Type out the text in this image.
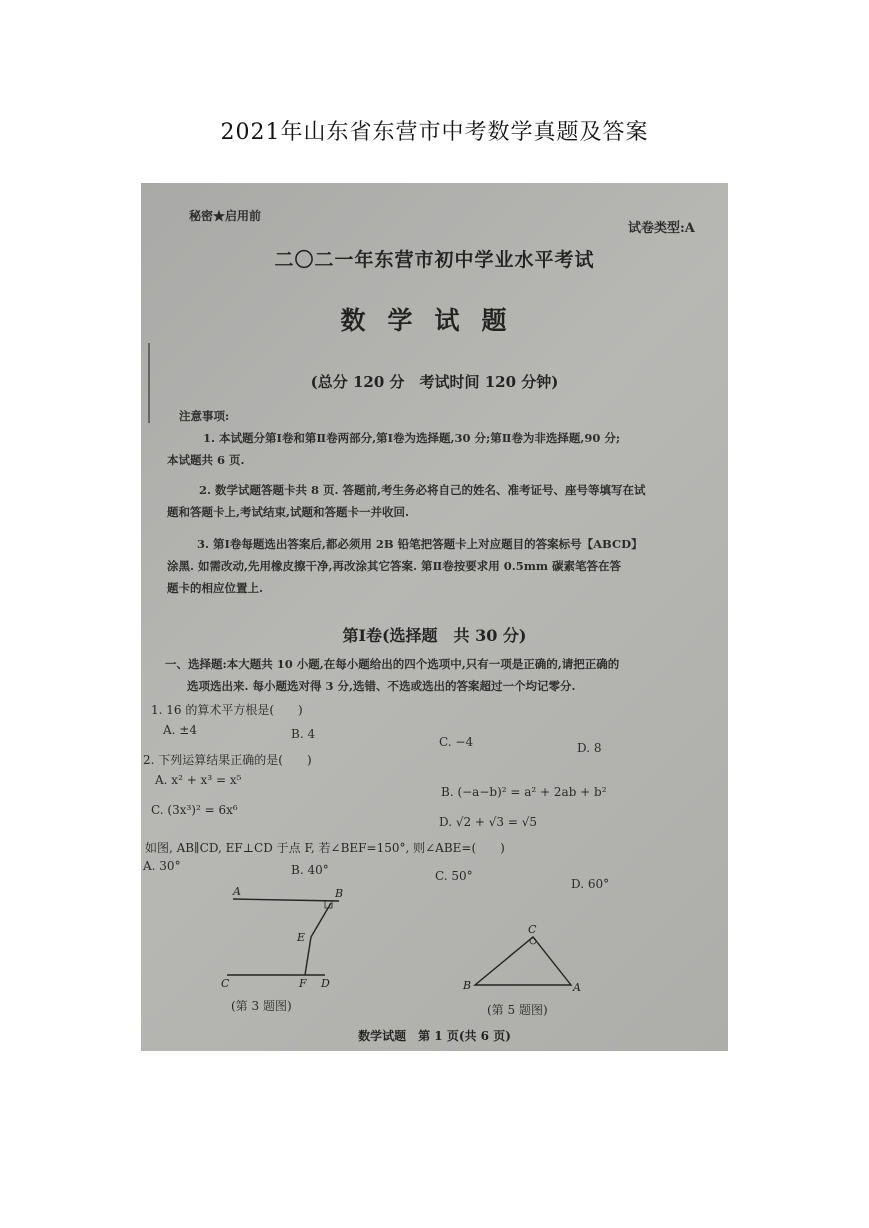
2021年山东省东营市中考数学真题及答案
秘密★启用前
试卷类型:A
二〇二一年东营市初中学业水平考试
数学试题
(总分 120 分　考试时间 120 分钟)
注意事项:
1. 本试题分第Ⅰ卷和第Ⅱ卷两部分,第Ⅰ卷为选择题,30 分;第Ⅱ卷为非选择题,90 分;
本试题共 6 页.
2. 数学试题答题卡共 8 页. 答题前,考生务必将自己的姓名、准考证号、座号等填写在试
题和答题卡上,考试结束,试题和答题卡一并收回.
3. 第Ⅰ卷每题选出答案后,都必须用 2B 铅笔把答题卡上对应题目的答案标号【ABCD】
涂黑. 如需改动,先用橡皮擦干净,再改涂其它答案. 第Ⅱ卷按要求用 0.5mm 碳素笔答在答
题卡的相应位置上.
第Ⅰ卷(选择题　共 30 分)
一、选择题:本大题共 10 小题,在每小题给出的四个选项中,只有一项是正确的,请把正确的
选项选出来. 每小题选对得 3 分,选错、不选或选出的答案超过一个均记零分.
1. 16 的算术平方根是(　　)
A. ±4	B. 4
C. −4	D. 8
2. 下列运算结果正确的是(　　)
A. x² + x³ = x⁵
B. (−a−b)² = a² + 2ab + b²
C. (3x³)² = 6x⁶
D. √2 + √3 = √5
如图, AB∥CD, EF⊥CD 于点 F, 若∠BEF=150°, 则∠ABE=(　　)
A. 30°	B. 40°	C. 50°
D. 60°
A	B
E
C	F D
(第 3 题图)
C
B	A
(第 5 题图)
数学试题　第 1 页(共 6 页)
